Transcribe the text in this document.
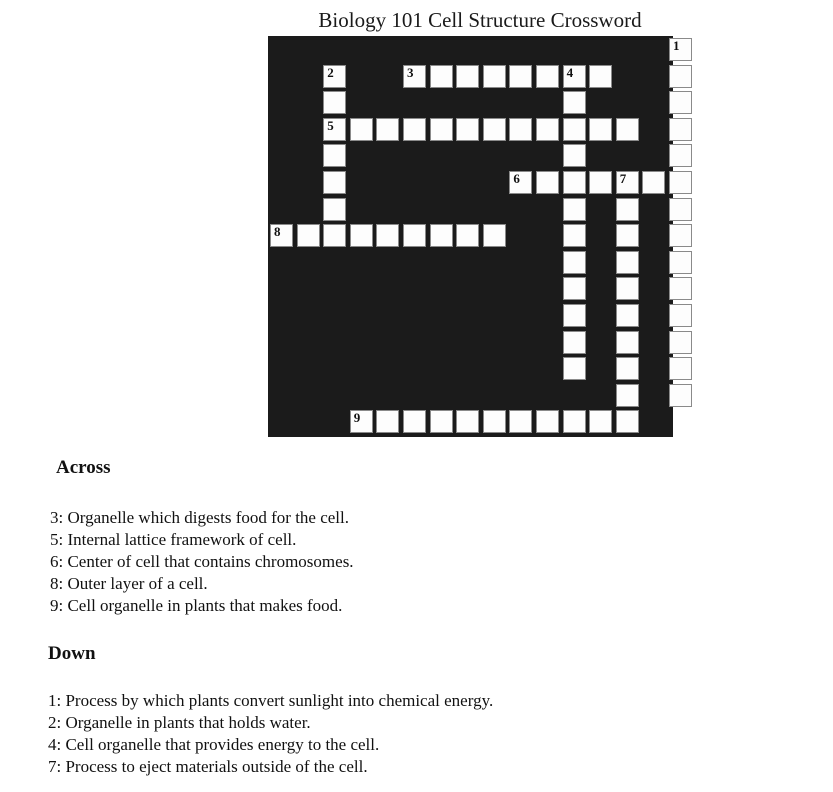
Biology 101 Cell Structure Crossword
3	4
5
6	7
8
9
1
2
Across
3: Organelle which digests food for the cell.
5: Internal lattice framework of cell.
6: Center of cell that contains chromosomes.
8: Outer layer of a cell.
9: Cell organelle in plants that makes food.
Down
1: Process by which plants convert sunlight into chemical energy.
2: Organelle in plants that holds water.
4: Cell organelle that provides energy to the cell.
7: Process to eject materials outside of the cell.
